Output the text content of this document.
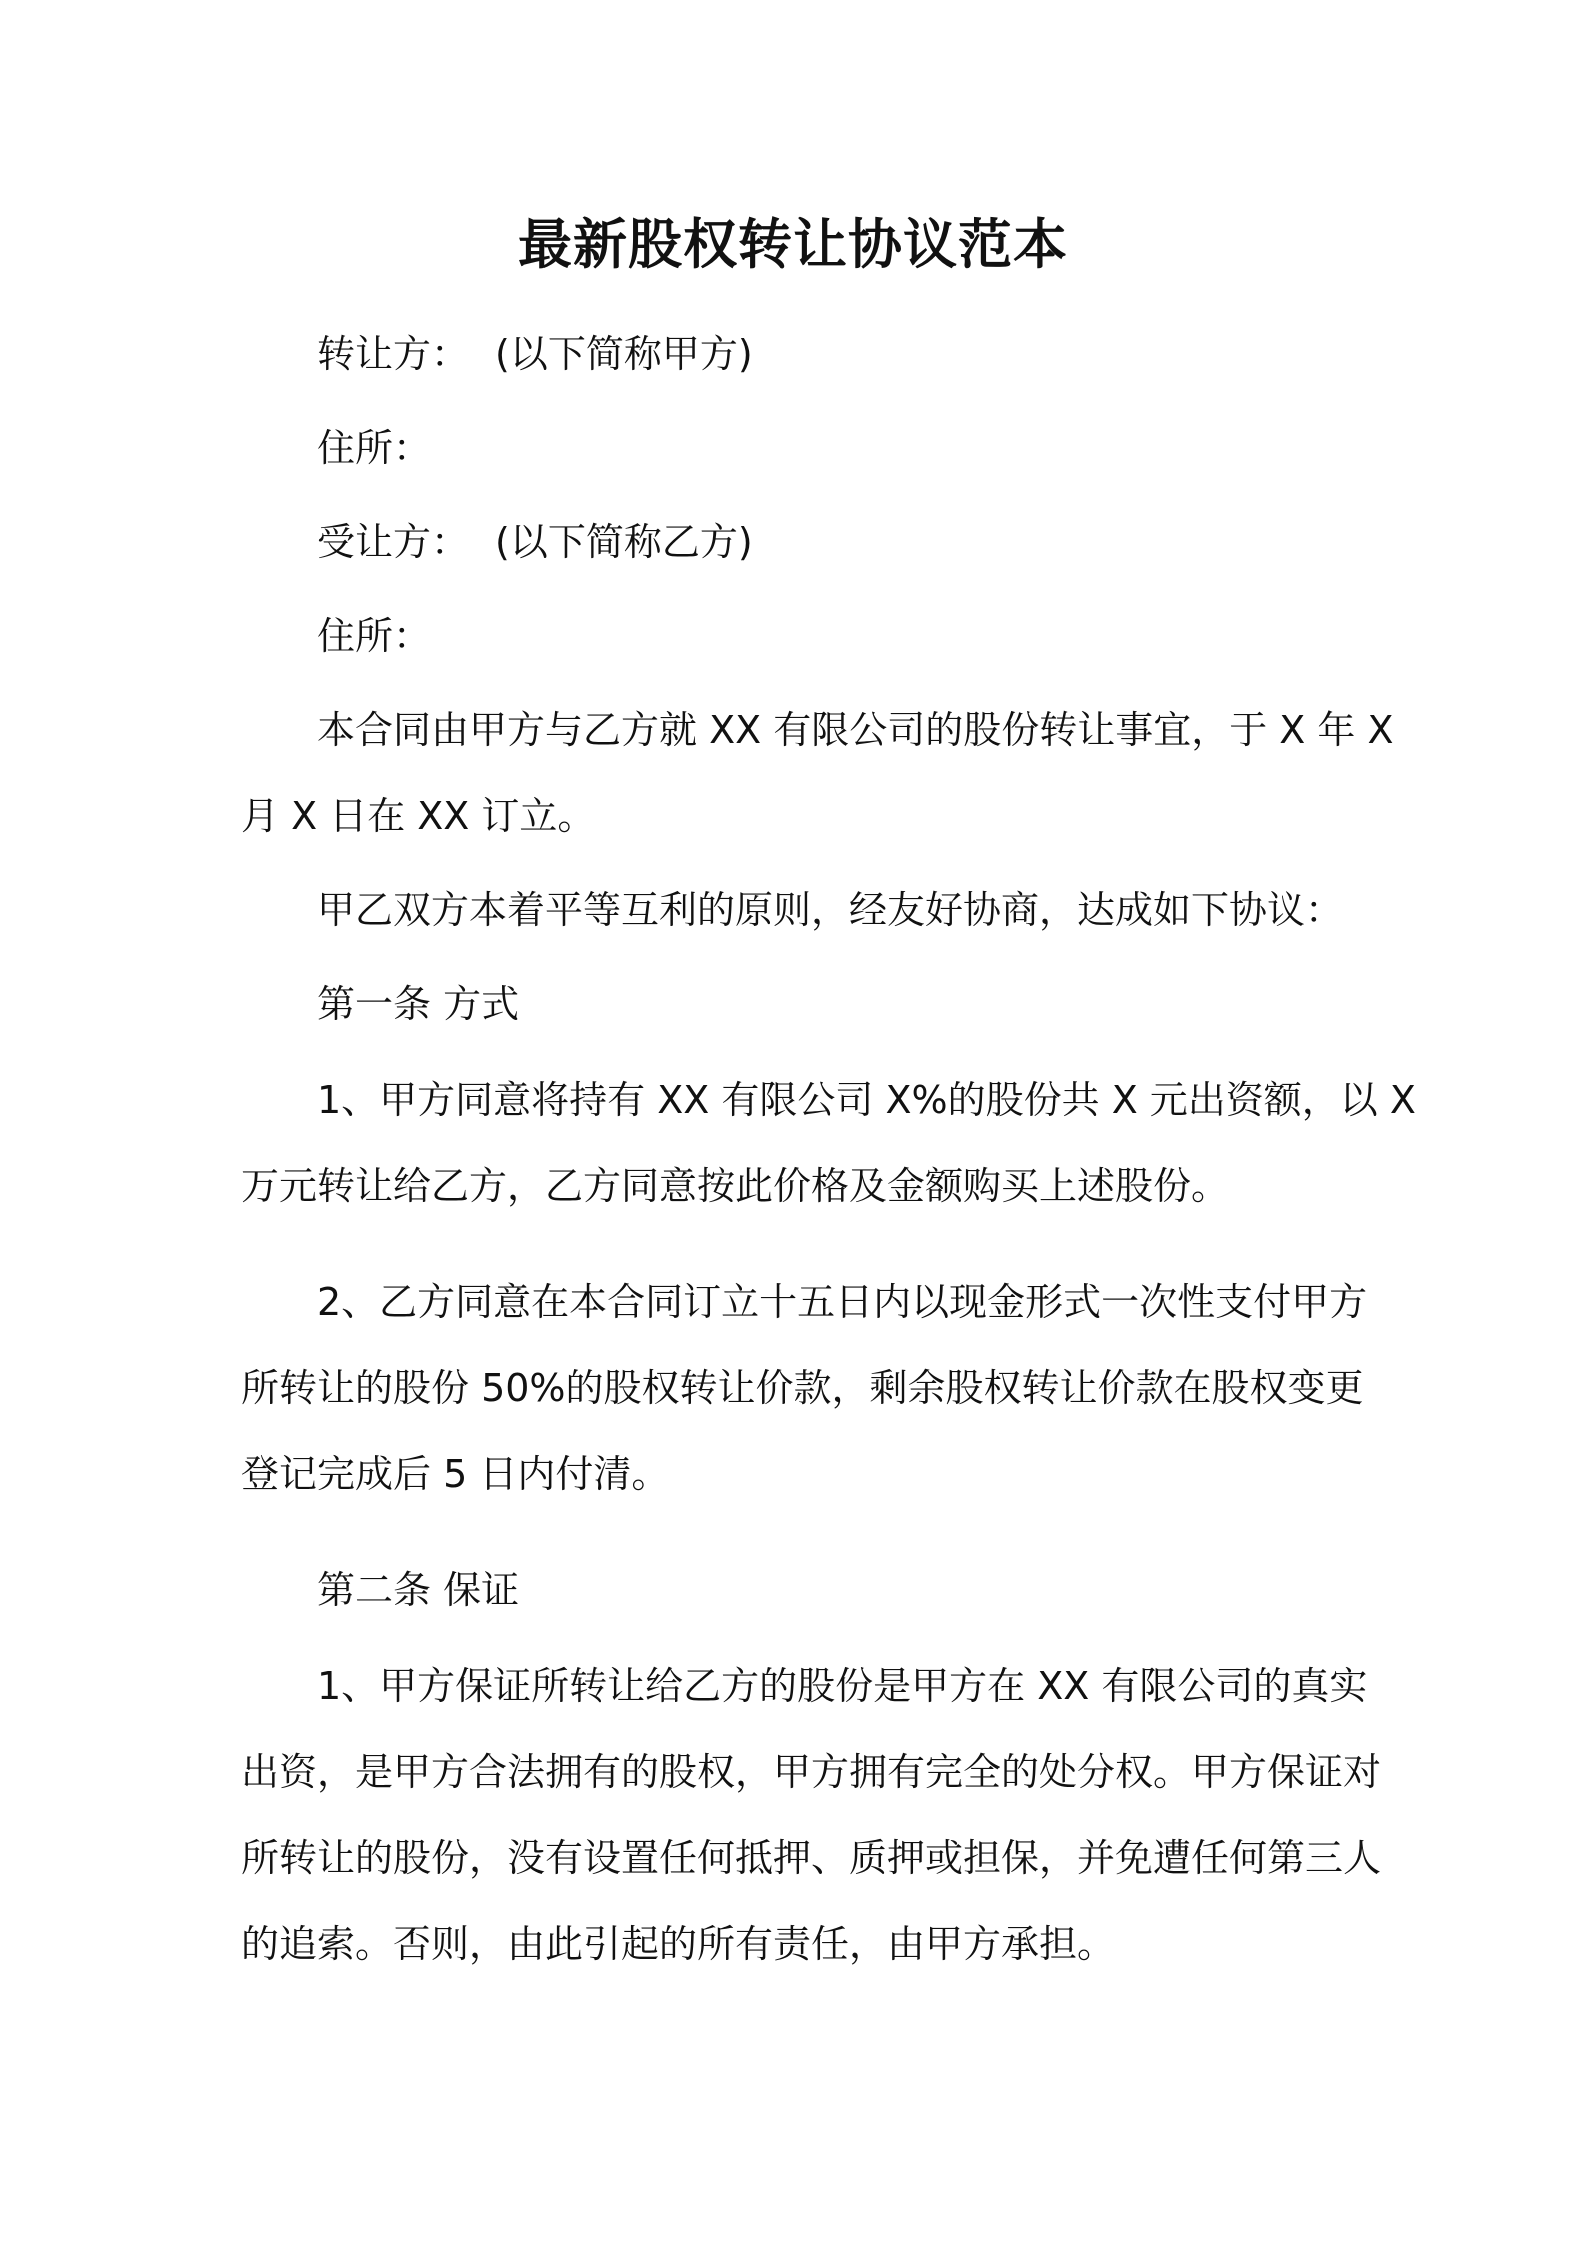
最新股权转让协议范本

转让方： (以下简称甲方)

住所：

受让方： (以下简称乙方)

住所：

本合同由甲方与乙方就 XX 有限公司的股份转让事宜，于 X 年 X

月 X 日在 XX 订立。

甲乙双方本着平等互利的原则，经友好协商，达成如下协议：

第一条 方式

1、甲方同意将持有 XX 有限公司 X%的股份共 X 元出资额，以 X

万元转让给乙方，乙方同意按此价格及金额购买上述股份。

2、乙方同意在本合同订立十五日内以现金形式一次性支付甲方

所转让的股份 50%的股权转让价款，剩余股权转让价款在股权变更

登记完成后 5 日内付清。

第二条 保证

1、甲方保证所转让给乙方的股份是甲方在 XX 有限公司的真实

出资，是甲方合法拥有的股权，甲方拥有完全的处分权。甲方保证对

所转让的股份，没有设置任何抵押、质押或担保，并免遭任何第三人

的追索。否则，由此引起的所有责任，由甲方承担。
